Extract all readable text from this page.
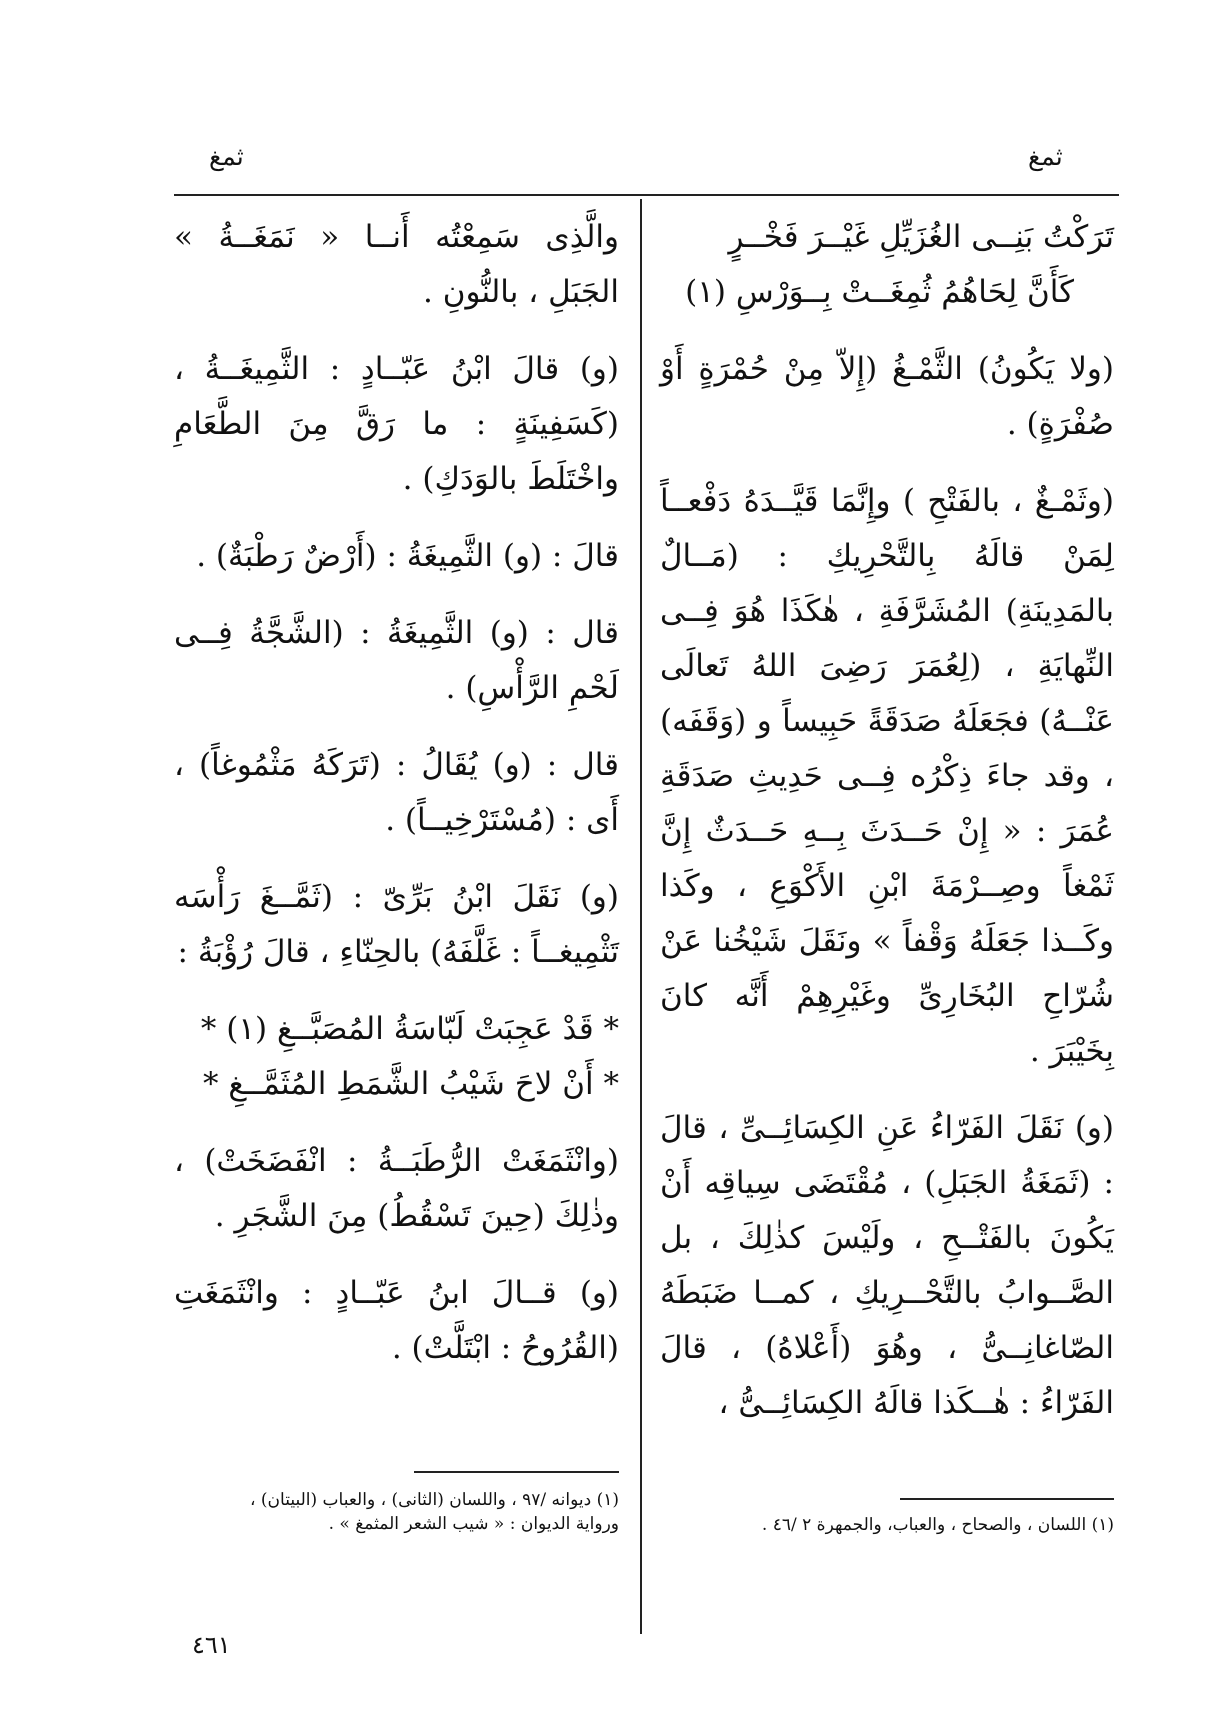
ثمغ
ثمغ

تَرَكْتُ بَنِــى الغُزَيِّلِ غَيْــرَ فَخْــرٍ

كَأَنَّ لِحَاهُمُ ثُمِغَــتْ بِــوَرْسِ (١)

(ولا يَكُونُ) الثَّمْـغُ (إِلاّ مِنْ حُمْرَةٍ أَوْ صُفْرَةٍ) .

(وثَمْـغٌ ، بالفَتْحِ ) وإِنَّمَا قَيَّــدَهُ دَفْعــاً لِمَنْ قالَهُ بِالتَّحْرِيكِ : (مَــالٌ بالمَدِينَةِ) المُشَرَّفَةِ ، هٰكَذَا هُوَ فِــى النِّهايَةِ ، (لِعُمَرَ رَضِىَ اللهُ تَعالَى عَنْــهُ) فجَعَلَهُ صَدَقَةً حَبِيساً و (وَقَفَه) ، وقد جاءَ ذِكْرُه فِــى حَدِيثِ صَدَقَةِ عُمَرَ : « إِنْ حَــدَثَ بِــهِ حَــدَثٌ إِنَّ ثَمْغاً وصِــرْمَةَ ابْنِ الأَكْوَعِ ، وكَذا وكَــذا جَعَلَهُ وَقْفاً » ونَقَلَ شَيْخُنا عَنْ شُرّاحِ البُخَارِىِّ وغَيْرِهِمْ أَنَّه كانَ بِخَيْبَرَ .

(و) نَقَلَ الفَرّاءُ عَنِ الكِسَائِــىِّ ، قالَ : (ثَمَغَةُ الجَبَلِ) ، مُقْتَضَى سِياقِه أَنْ يَكُونَ بالفَتْــحِ ، ولَيْسَ كذٰلِكَ ، بل الصَّــوابُ بالتَّحْــرِيكِ ، كمــا ضَبَطَهُ الصّاغانِــىُّ ، وهُوَ (أَعْلاهُ) ، قالَ الفَرّاءُ : هٰــكَذا قالَهُ الكِسَائِــىُّ ،

والَّذِى سَمِعْتُه أَنــا « نَمَغَــةُ » الجَبَلِ ، بالنُّونِ .

(و) قالَ ابْنُ عَبّــادٍ : الثَّمِيغَــةُ ، (كَسَفِينَةٍ : ما رَقَّ مِنَ الطَّعَامِ واخْتَلَطَ بالوَدَكِ) .

قالَ : (و) الثَّمِيغَةُ : (أَرْضٌ رَطْبَةٌ) .

قال : (و) الثَّمِيغَةُ : (الشَّجَّةُ فِــى لَحْمِ الرَّأْسِ) .

قال : (و) يُقَالُ : (تَرَكَهُ مَثْمُوغاً) ، أَى : (مُسْتَرْخِيــاً) .

(و) نَقَلَ ابْنُ بَرِّىّ : (ثَمَّــغَ رَأْسَه تَثْمِيغــاً : غَلَّفَهُ) بالحِنّاءِ ، قالَ رُؤْبَةُ :

* قَدْ عَجِبَتْ لَبّاسَةُ المُصَبَّــغِ (١) *

* أَنْ لاحَ شَيْبُ الشَّمَطِ المُثَمَّــغِ *

(وانْثَمَغَتْ الرُّطَبَــةُ : انْفَضَخَتْ) ، وذٰلِكَ (حِينَ تَسْقُطُ) مِنَ الشَّجَرِ .

(و) قــالَ ابنُ عَبّــادٍ : وانْثَمَغَتِ (القُرُوحُ : ابْتَلَّتْ) .

(١) اللسان ، والصحاح ، والعباب، والجمهرة ٢ /٤٦ .

(١) ديوانه /٩٧ ، واللسان (الثانى) ، والعباب (البيتان) ،

ورواية الديوان : « شيب الشعر المثمغ » .

٤٦١
